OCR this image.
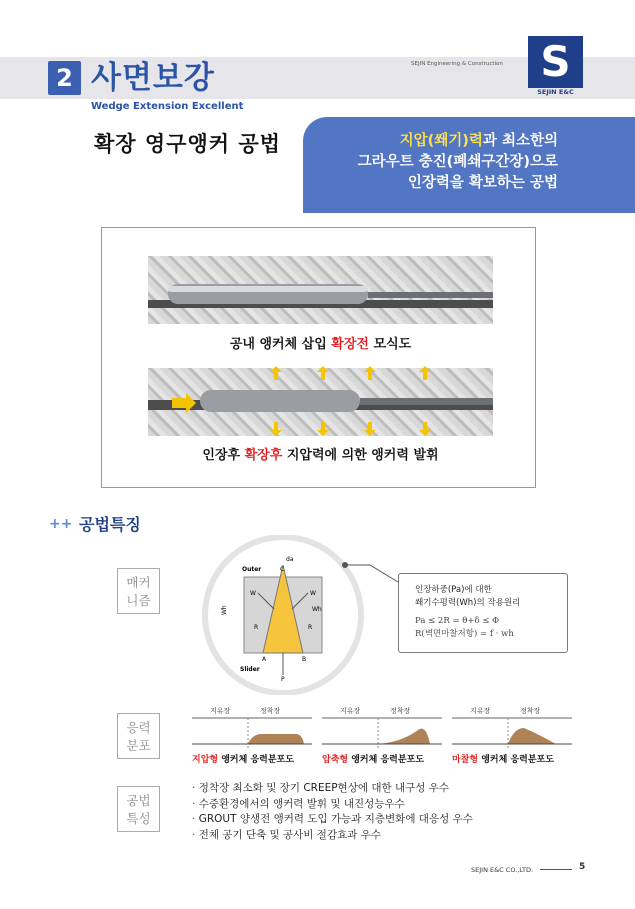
2 사면보강
Wedge Extension Excellent
SEJIN Engineering & Construction S
SEJIN E&C
확장 영구앵커 공법	지압(쐐기)력과 최소한의
그라우트 충진(폐쇄구간장)으로
인장력을 확보하는 공법
공내 앵커체 삽입 확장전 모식도
인장후 확장후 지압력에 의한 앵커력 발휘
++ 공법특징
매커
니즘
응력
분포
공법
특성
Outer
Slider
da
C
W	W
Wh
R	R
A	B
P
Wh
인장하중(Pa)에 대한
쐐기수평력(Wh)의 작용원리
Pa ≤ 2R = θ+δ ≤ Φ
R(벽면마찰저항) = f · wh
지유장	정착장
지압형 앵커체 응력분포도
지유장	정착장
압축형 앵커체 응력분포도
지유장	정착장
마찰형 앵커체 응력분포도
· 정착장 최소화 및 장기 CREEP현상에 대한 내구성 우수
· 수중환경에서의 앵커력 발휘 및 내진성능우수
· GROUT 양생전 앵커력 도입 가능과 지층변화에 대응성 우수
· 전체 공기 단축 및 공사비 절감효과 우수
SEJIN E&C CO.,LTD.	5
